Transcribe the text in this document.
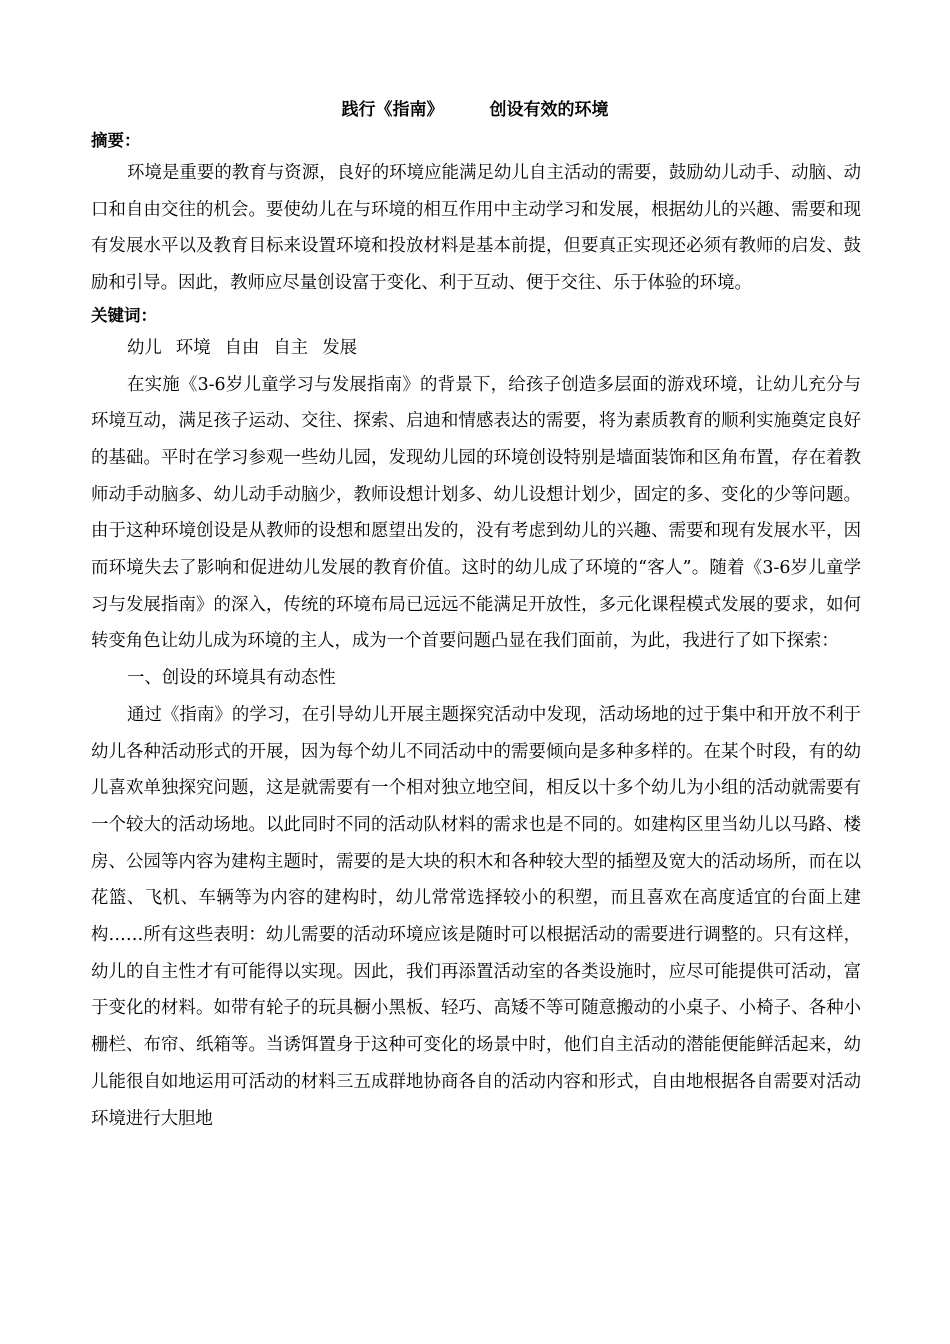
践行《指南》	创设有效的环境

摘要：

环境是重要的教育与资源，良好的环境应能满足幼儿自主活动的需要，鼓励幼儿动手、动脑、动口和自由交往的机会。要使幼儿在与环境的相互作用中主动学习和发展，根据幼儿的兴趣、需要和现有发展水平以及教育目标来设置环境和投放材料是基本前提，但要真正实现还必须有教师的启发、鼓励和引导。因此，教师应尽量创设富于变化、利于互动、便于交往、乐于体验的环境。

关键词：

幼儿 环境 自由 自主 发展

在实施《3-6岁儿童学习与发展指南》的背景下，给孩子创造多层面的游戏环境，让幼儿充分与环境互动，满足孩子运动、交往、探索、启迪和情感表达的需要，将为素质教育的顺利实施奠定良好的基础。平时在学习参观一些幼儿园，发现幼儿园的环境创设特别是墙面装饰和区角布置，存在着教师动手动脑多、幼儿动手动脑少，教师设想计划多、幼儿设想计划少，固定的多、变化的少等问题。由于这种环境创设是从教师的设想和愿望出发的，没有考虑到幼儿的兴趣、需要和现有发展水平，因而环境失去了影响和促进幼儿发展的教育价值。这时的幼儿成了环境的“客人”。随着《3-6岁儿童学习与发展指南》的深入，传统的环境布局已远远不能满足开放性，多元化课程模式发展的要求，如何转变角色让幼儿成为环境的主人，成为一个首要问题凸显在我们面前，为此，我进行了如下探索：

一、创设的环境具有动态性

通过《指南》的学习，在引导幼儿开展主题探究活动中发现，活动场地的过于集中和开放不利于幼儿各种活动形式的开展，因为每个幼儿不同活动中的需要倾向是多种多样的。在某个时段，有的幼儿喜欢单独探究问题，这是就需要有一个相对独立地空间，相反以十多个幼儿为小组的活动就需要有一个较大的活动场地。以此同时不同的活动队材料的需求也是不同的。如建构区里当幼儿以马路、楼房、公园等内容为建构主题时，需要的是大块的积木和各种较大型的插塑及宽大的活动场所，而在以花篮、飞机、车辆等为内容的建构时，幼儿常常选择较小的积塑，而且喜欢在高度适宜的台面上建构……所有这些表明：幼儿需要的活动环境应该是随时可以根据活动的需要进行调整的。只有这样，幼儿的自主性才有可能得以实现。因此，我们再添置活动室的各类设施时，应尽可能提供可活动，富于变化的材料。如带有轮子的玩具橱小黑板、轻巧、高矮不等可随意搬动的小桌子、小椅子、各种小栅栏、布帘、纸箱等。当诱饵置身于这种可变化的场景中时，他们自主活动的潜能便能鲜活起来，幼儿能很自如地运用可活动的材料三五成群地协商各自的活动内容和形式，自由地根据各自需要对活动环境进行大胆地
